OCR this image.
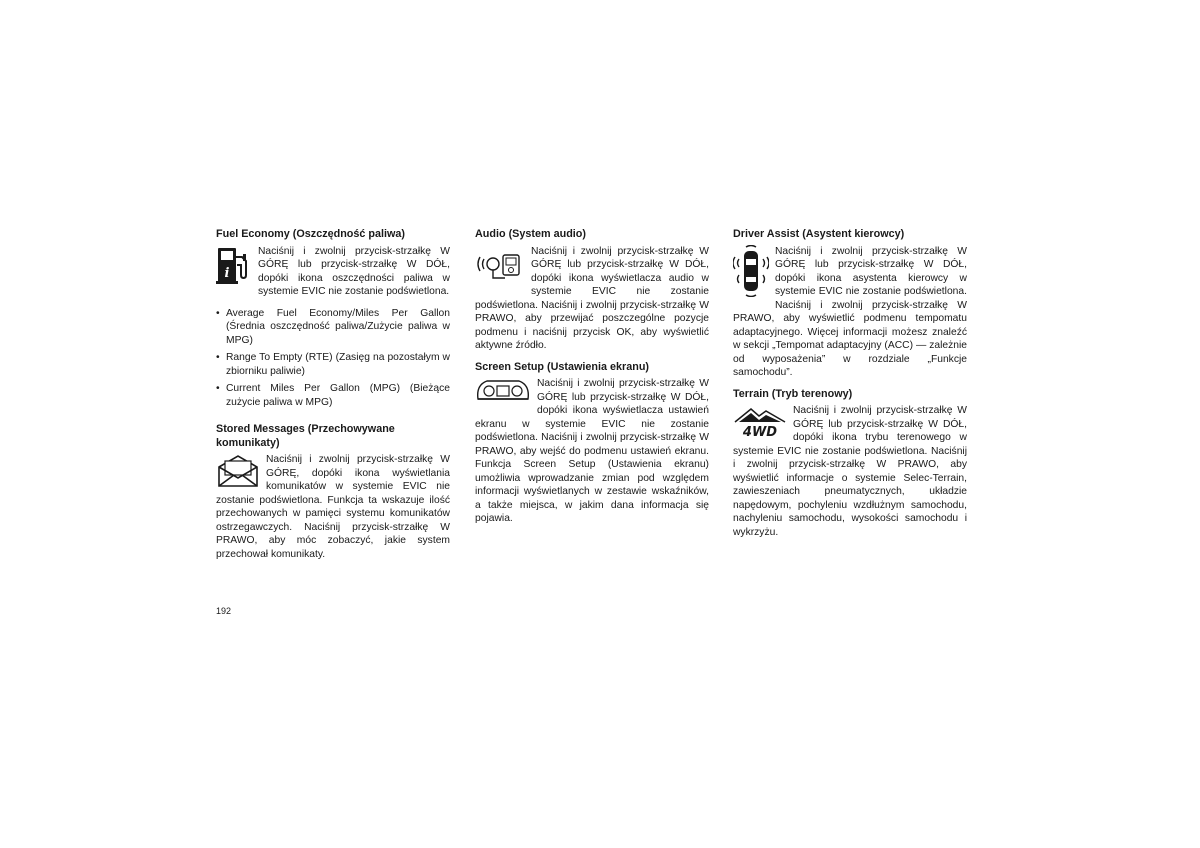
Fuel Economy (Oszczędność paliwa)
i

Naciśnij i zwolnij przycisk-strzałkę W GÓRĘ lub przycisk-strzałkę W DÓŁ, dopóki ikona oszczędności paliwa w systemie EVIC nie zostanie podświetlona.

• Average Fuel Economy/Miles Per Gallon (Średnia oszczędność paliwa/Zużycie paliwa w MPG)
• Range To Empty (RTE) (Zasięg na pozostałym w zbiorniku paliwie)
• Current Miles Per Gallon (MPG) (Bieżące zużycie paliwa w MPG)
Stored Messages (Przechowywane komunikaty)

Naciśnij i zwolnij przycisk-strzałkę W GÓRĘ, dopóki ikona wyświetlania komunikatów w systemie EVIC nie zostanie podświetlona. Funkcja ta wskazuje ilość przechowanych w pamięci systemu komunikatów ostrzegawczych. Naciśnij przycisk-strzałkę W PRAWO, aby móc zobaczyć, jakie system przechował komunikaty.

Audio (System audio)

Naciśnij i zwolnij przycisk-strzałkę W GÓRĘ lub przycisk-strzałkę W DÓŁ, dopóki ikona wyświetlacza audio w systemie EVIC nie zostanie podświetlona. Naciśnij i zwolnij przycisk-strzałkę W PRAWO, aby przewijać poszczególne pozycje podmenu i naciśnij przycisk OK, aby wyświetlić aktywne źródło.

Screen Setup (Ustawienia ekranu)

Naciśnij i zwolnij przycisk-strzałkę W GÓRĘ lub przycisk-strzałkę W DÓŁ, dopóki ikona wyświetlacza ustawień ekranu w systemie EVIC nie zostanie podświetlona. Naciśnij i zwolnij przycisk-strzałkę W PRAWO, aby wejść do podmenu ustawień ekranu. Funkcja Screen Setup (Ustawienia ekranu) umożliwia wprowadzanie zmian pod względem informacji wyświetlanych w zestawie wskaźników, a także miejsca, w jakim dana informacja się pojawia.

Driver Assist (Asystent kierowcy)

Naciśnij i zwolnij przycisk-strzałkę W GÓRĘ lub przycisk-strzałkę W DÓŁ, dopóki ikona asystenta kierowcy w systemie EVIC nie zostanie podświetlona. Naciśnij i zwolnij przycisk-strzałkę W PRAWO, aby wyświetlić podmenu tempomatu adaptacyjnego. Więcej informacji możesz znaleźć w sekcji „Tempomat adaptacyjny (ACC) — zależnie od wyposażenia” w rozdziale „Funkcje samochodu”.

Terrain (Tryb terenowy)
4WD

Naciśnij i zwolnij przycisk-strzałkę W GÓRĘ lub przycisk-strzałkę W DÓŁ, dopóki ikona trybu terenowego w systemie EVIC nie zostanie podświetlona. Naciśnij i zwolnij przycisk-strzałkę W PRAWO, aby wyświetlić informacje o systemie Selec-Terrain, zawieszeniach pneumatycznych, układzie napędowym, pochyleniu wzdłużnym samochodu, nachyleniu samochodu, wysokości samochodu i wykrzyżu.

192
